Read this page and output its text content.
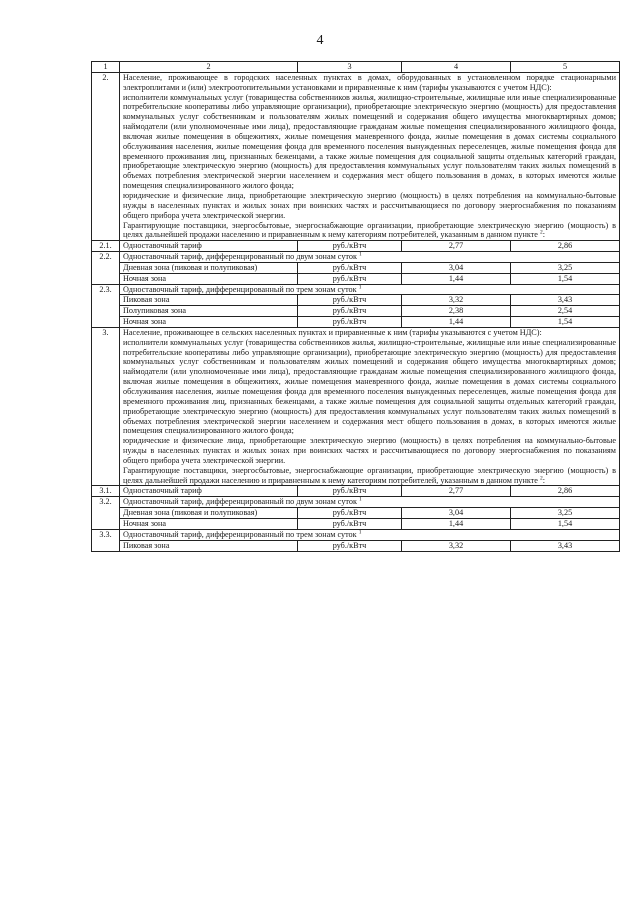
4
1	2	3	4	5
2.	Население, проживающее в городских населенных пунктах в домах, оборудованных в установленном порядке стационарными электроплитами и (или) электроотопительными установками и приравненные к ним (тарифы указываются с учетом НДС):
исполнители коммунальных услуг (товарищества собственников жилья, жилищно-строительные, жилищные или иные специализированные потребительские кооперативы либо управляющие организации), приобретающие электрическую энергию (мощность) для предоставления коммунальных услуг собственникам и пользователям жилых помещений и содержания общего имущества многоквартирных домов; наймодатели (или уполномоченные ими лица), предоставляющие гражданам жилые помещения специализированного жилищного фонда, включая жилые помещения в общежитиях, жилые помещения маневренного фонда, жилые помещения в домах системы социального обслуживания населения, жилые помещения фонда для временного поселения вынужденных переселенцев, жилые помещения фонда для временного проживания лиц, признанных беженцами, а также жилые помещения для социальной защиты отдельных категорий граждан, приобретающие электрическую энергию (мощность) для предоставления коммунальных услуг пользователям таких жилых помещений в объемах потребления электрической энергии населением и содержания мест общего пользования в домах, в которых имеются жилые помещения специализированного жилого фонда;
юридические и физические лица, приобретающие электрическую энергию (мощность) в целях потребления на коммунально-бытовые нужды в населенных пунктах и жилых зонах при воинских частях и рассчитывающиеся по договору энергоснабжения по показаниям общего прибора учета электрической энергии.
Гарантирующие поставщики, энергосбытовые, энергоснабжающие организации, приобретающие электрическую энергию (мощность) в целях дальнейшей продажи населению и приравненным к нему категориям потребителей, указанным в данном пункте $^2$:			

2.1.	Одноставочный тариф	руб./кВтч	2,77	2,86
2.2.	Одноставочный тариф, дифференцированный по двум зонам суток $^1$
	Дневная зона (пиковая и полупиковая)	руб./кВтч	3,04	3,25
	Ночная зона	руб./кВтч	1,44	1,54
2.3.	Одноставочный тариф, дифференцированный по трем зонам суток $^1$
	Пиковая зона	руб./кВтч	3,32	3,43
	Полупиковая зона	руб./кВтч	2,38	2,54
	Ночная зона	руб./кВтч	1,44	1,54
3.	Население, проживающее в сельских населенных пунктах и приравненные к ним (тарифы указываются с учетом НДС):
исполнители коммунальных услуг (товарищества собственников жилья, жилищно-строительные, жилищные или иные специализированные потребительские кооперативы либо управляющие организации), приобретающие электрическую энергию (мощность) для предоставления коммунальных услуг собственникам и пользователям жилых помещений и содержания общего имущества многоквартирных домов; наймодатели (или уполномоченные ими лица), предоставляющие гражданам жилые помещения специализированного жилищного фонда, включая жилые помещения в общежитиях, жилые помещения маневренного фонда, жилые помещения в домах системы социального обслуживания населения, жилые помещения фонда для временного поселения вынужденных переселенцев, жилые помещения фонда для временного проживания лиц, признанных беженцами, а также жилые помещения для социальной защиты отдельных категорий граждан, приобретающие электрическую энергию (мощность) для предоставления коммунальных услуг пользователям таких жилых помещений в объемах потребления электрической энергии населением и содержания мест общего пользования в домах, в которых имеются жилые помещения специализированного жилого фонда;
юридические и физические лица, приобретающие электрическую энергию (мощность) в целях потребления на коммунально-бытовые нужды в населенных пунктах и жилых зонах при воинских частях и рассчитывающиеся по договору энергоснабжения по показаниям общего прибора учета электрической энергии.
Гарантирующие поставщики, энергосбытовые, энергоснабжающие организации, приобретающие электрическую энергию (мощность) в целях дальнейшей продажи населению и приравненным к нему категориям потребителей, указанным в данном пункте $^2$:			

3.1.	Одноставочный тариф	руб./кВтч	2,77	2,86
3.2.	Одноставочный тариф, дифференцированный по двум зонам суток $^1$
	Дневная зона (пиковая и полупиковая)	руб./кВтч	3,04	3,25
	Ночная зона	руб./кВтч	1,44	1,54
3.3.	Одноставочный тариф, дифференцированный по трем зонам суток $^1$
	Пиковая зона	руб./кВтч	3,32	3,43
